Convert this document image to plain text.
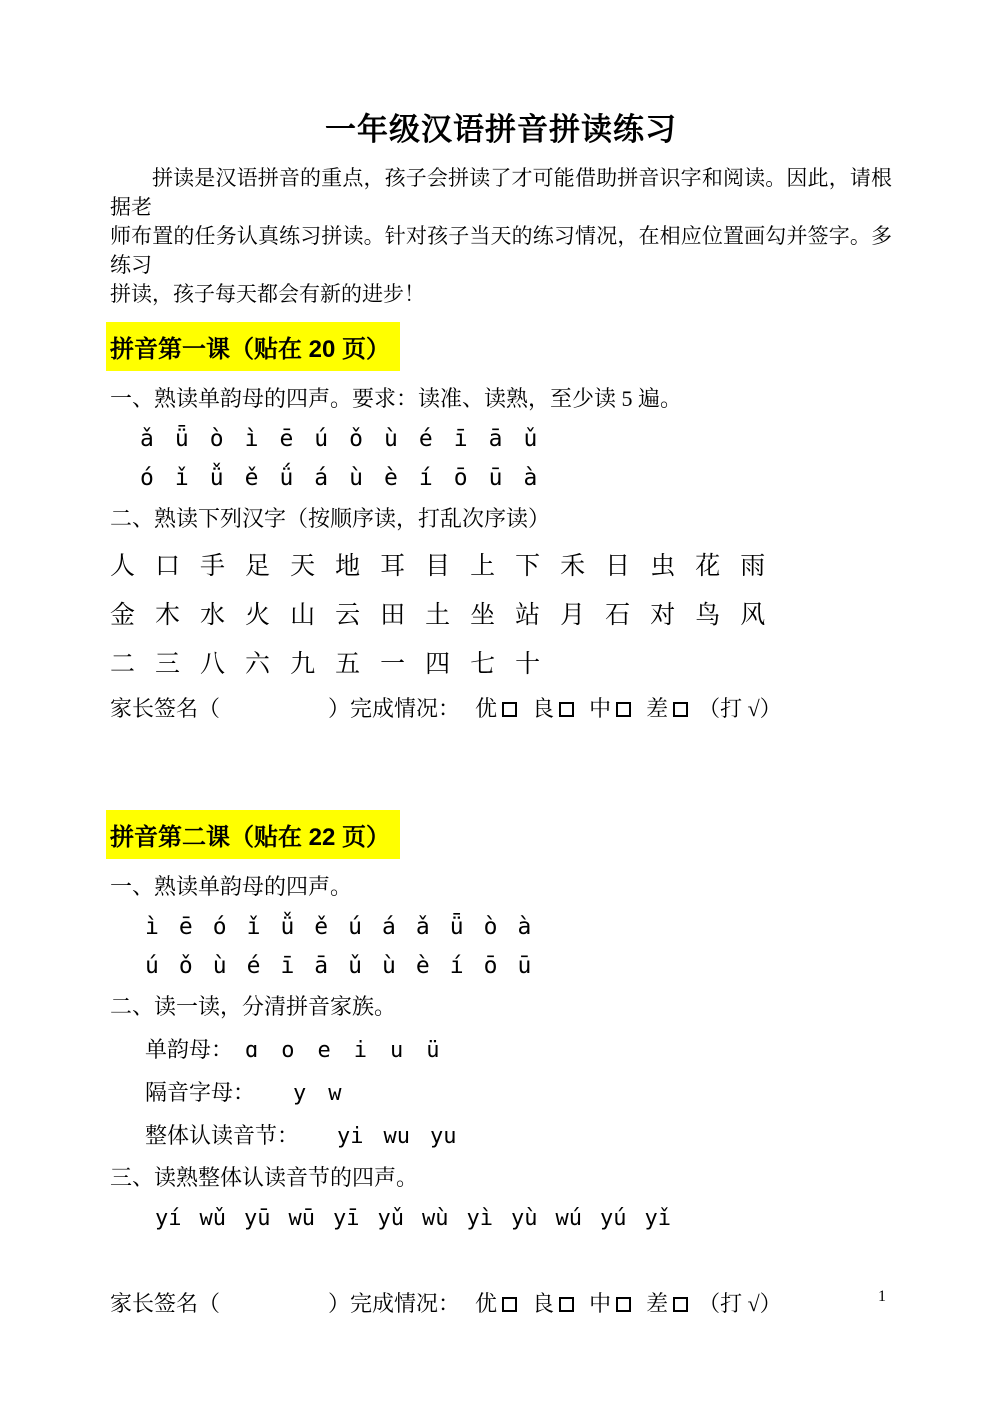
一年级汉语拼音拼读练习
拼读是汉语拼音的重点，孩子会拼读了才可能借助拼音识字和阅读。因此，请根据老
师布置的任务认真练习拼读。针对孩子当天的练习情况，在相应位置画勾并签字。多练习
拼读，孩子每天都会有新的进步！
拼音第一课（贴在 20 页）
一、熟读单韵母的四声。要求：读准、读熟，至少读 5 遍。
ǎ ǖ ò ì ē ú ǒ ù é ī ā ǔ
ó ǐ ǚ ě ǘ á ù è í ō ū à
二、熟读下列汉字（按顺序读，打乱次序读）
人 口 手 足 天 地 耳 目 上 下 禾 日 虫 花 雨
金 木 水 火 山 云 田 土 坐 站 月 石 对 鸟 风
二 三 八 六 九 五 一 四 七 十
家长签名（	）完成情况： 优 良 中 差 （打 √）
拼音第二课（贴在 22 页）
一、熟读单韵母的四声。
ì ē ó ǐ ǚ ě ú á ǎ ǖ ò à
ú ǒ ù é ī ā ǔ ù è í ō ū
二、读一读，分清拼音家族。
单韵母： ɑ o e i u ü
隔音字母： y w
整体认读音节： yi wu yu
三、读熟整体认读音节的四声。
yí wǔ yū wū yī yǔ wù yì yù wú yú yǐ
家长签名（	）完成情况： 优 良 中 差 （打 √）	1
